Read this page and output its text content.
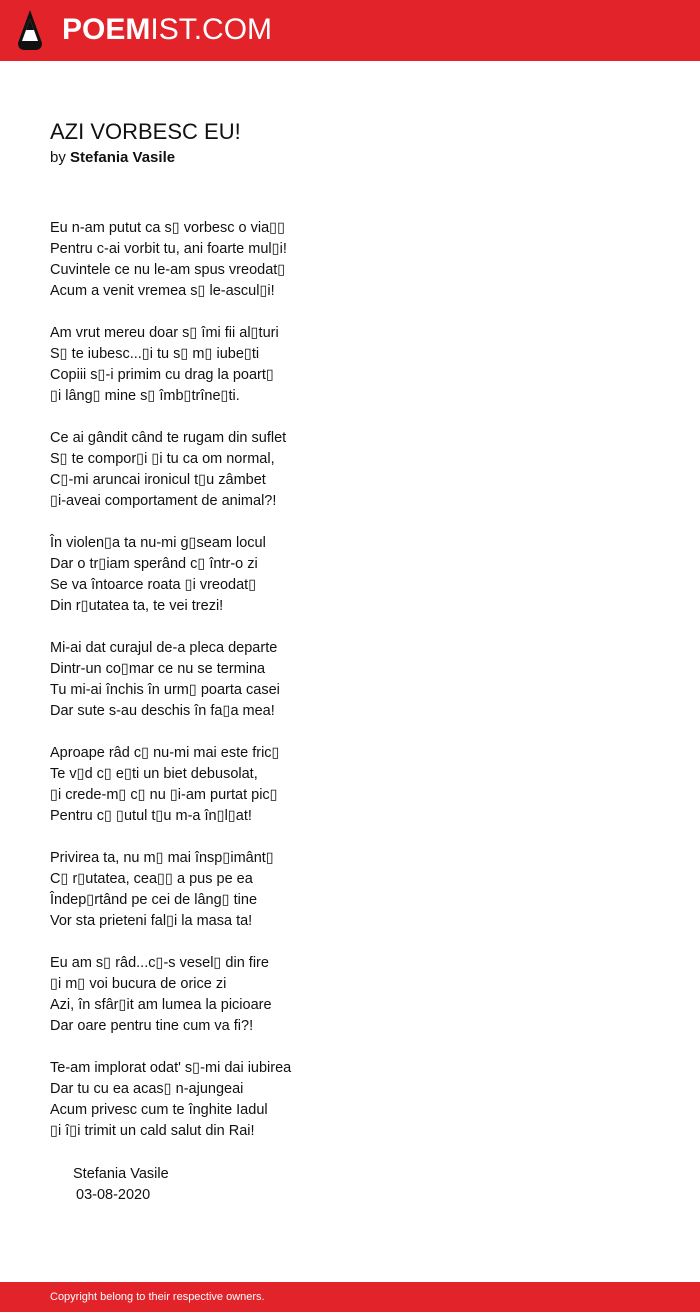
POEMIST.COM
AZI VORBESC EU!
by Stefania Vasile
Eu n-am putut ca s▯ vorbesc o via▯▯
Pentru c-ai vorbit tu, ani foarte mul▯i!
Cuvintele ce nu le-am spus vreodat▯
Acum a venit vremea s▯ le-ascul▯i!
Am vrut mereu doar s▯ îmi fii al▯turi
S▯ te iubesc...▯i tu s▯ m▯ iube▯ti
Copiii s▯-i primim cu drag la poart▯
▯i lâng▯ mine s▯ îmb▯trîne▯ti.
Ce ai gândit când te rugam din suflet
S▯ te compor▯i ▯i tu ca om normal,
C▯-mi aruncai ironicul t▯u zâmbet
▯i-aveai comportament de animal?!
În violen▯a ta nu-mi g▯seam locul
Dar o tr▯iam sperând c▯ într-o zi
Se va întoarce roata ▯i vreodat▯
Din r▯utatea ta, te vei trezi!
Mi-ai dat curajul de-a pleca departe
Dintr-un co▯mar ce nu se termina
Tu mi-ai închis în urm▯ poarta casei
Dar sute s-au deschis în fa▯a mea!
Aproape râd c▯ nu-mi mai este fric▯
Te v▯d c▯ e▯ti un biet debusolat,
▯i crede-m▯ c▯ nu ▯i-am purtat pic▯
Pentru c▯ ▯utul t▯u m-a în▯l▯at!
Privirea ta, nu m▯ mai însp▯imânt▯
C▯ r▯utatea, cea▯▯ a pus pe ea
Îndep▯rtând pe cei de lâng▯ tine
Vor sta prieteni fal▯i la masa ta!
Eu am s▯ râd...c▯-s vesel▯ din fire
▯i m▯ voi bucura de orice zi
Azi, în sfâr▯it am lumea la picioare
Dar oare pentru tine cum va fi?!
Te-am implorat odat' s▯-mi dai iubirea
Dar tu cu ea acas▯ n-ajungeai
Acum privesc cum te înghite Iadul
▯i î▯i trimit un cald salut din Rai!
Stefania Vasile
03-08-2020
Copyright belong to their respective owners.
